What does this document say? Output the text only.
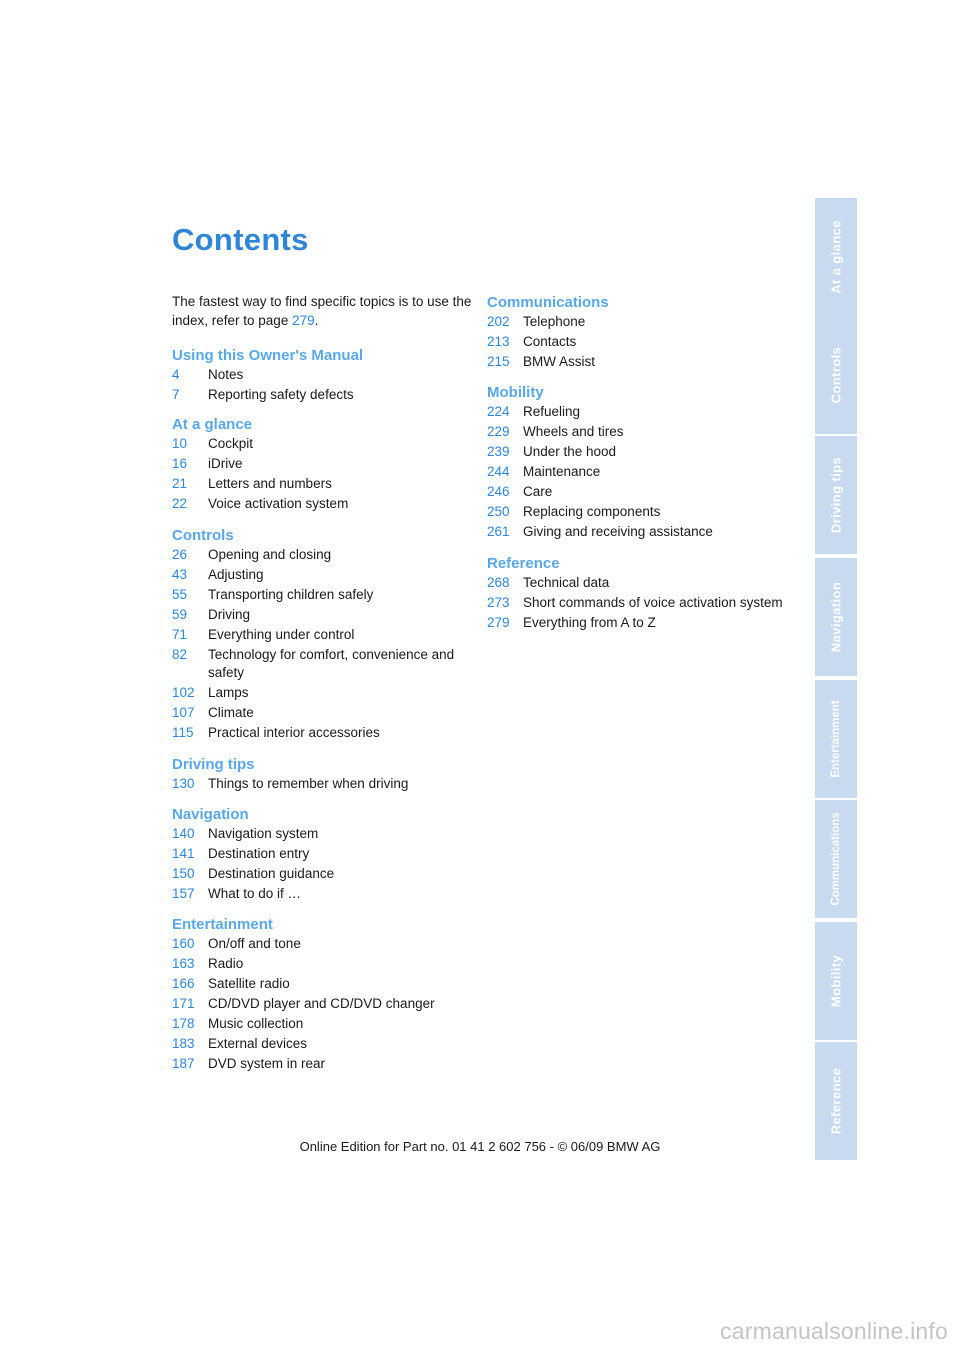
Contents
The fastest way to find specific topics is to use the index, refer to page 279.
Using this Owner's Manual
4	Notes
7	Reporting safety defects
At a glance
10	Cockpit
16	iDrive
21	Letters and numbers
22	Voice activation system
Controls
26	Opening and closing
43	Adjusting
55	Transporting children safely
59	Driving
71	Everything under control
82	Technology for comfort, convenience and safety
102 Lamps
107 Climate
115	Practical interior accessories
Driving tips
130 Things to remember when driving
Navigation
140 Navigation system
141 Destination entry
150 Destination guidance
157 What to do if …
Entertainment
160 On/off and tone
163 Radio
166 Satellite radio
171 CD/DVD player and CD/DVD changer
178 Music collection
183 External devices
187 DVD system in rear
Communications
202 Telephone
213 Contacts
215 BMW Assist
Mobility
224 Refueling
229 Wheels and tires
239 Under the hood
244 Maintenance
246 Care
250 Replacing components
261 Giving and receiving assistance
Reference
268 Technical data
273 Short commands of voice activation system
279 Everything from A to Z
At a glance
Controls
Driving tips
Navigation
Entertainment
Communications
Mobility
Reference
Online Edition for Part no. 01 41 2 602 756 - © 06/09 BMW AG
carmanualsonline.info
